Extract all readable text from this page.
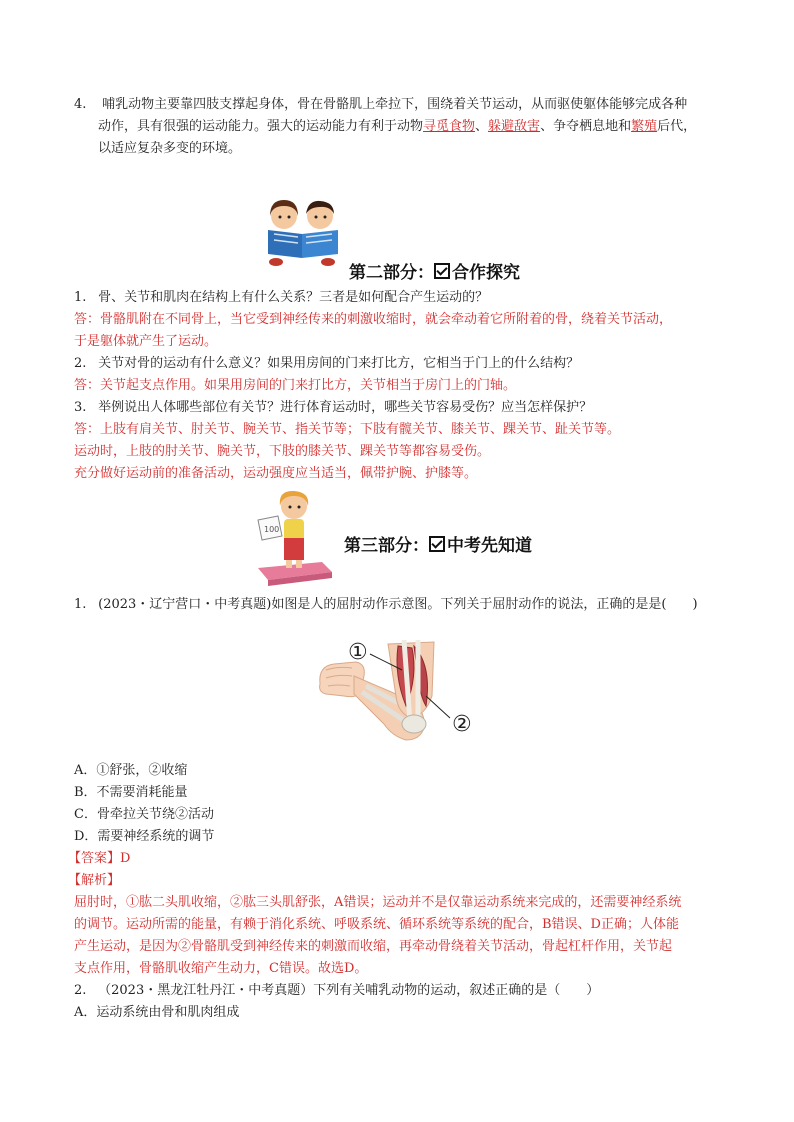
4. 哺乳动物主要靠四肢支撑起身体，骨在骨骼肌上牵拉下，围绕着关节运动，从而驱使躯体能够完成各种
动作，具有很强的运动能力。强大的运动能力有利于动物寻觅食物、躲避敌害、争夺栖息地和繁殖后代，
以适应复杂多变的环境。
第二部分： 合作探究
1. 骨、关节和肌肉在结构上有什么关系？三者是如何配合产生运动的？
答：骨骼肌附在不同骨上，当它受到神经传来的刺激收缩时，就会牵动着它所附着的骨，绕着关节活动，
于是躯体就产生了运动。
2. 关节对骨的运动有什么意义？如果用房间的门来打比方，它相当于门上的什么结构？
答：关节起支点作用。如果用房间的门来打比方，关节相当于房门上的门轴。
3. 举例说出人体哪些部位有关节？进行体育运动时，哪些关节容易受伤？应当怎样保护？
答：上肢有肩关节、肘关节、腕关节、指关节等；下肢有髋关节、膝关节、踝关节、趾关节等。
运动时，上肢的肘关节、腕关节，下肢的膝关节、踝关节等都容易受伤。
充分做好运动前的准备活动，运动强度应当适当，佩带护腕、护膝等。
100
第三部分： 中考先知道
1. (2023・辽宁营口・中考真题)如图是人的屈肘动作示意图。下列关于屈肘动作的说法，正确的是是(　　)
①
②
A．①舒张，②收缩
B．不需要消耗能量
C．骨牵拉关节绕②活动
D．需要神经系统的调节
【答案】D
【解析】
屈肘时，①肱二头肌收缩，②肱三头肌舒张，A错误；运动并不是仅靠运动系统来完成的，还需要神经系统
的调节。运动所需的能量，有赖于消化系统、呼吸系统、循环系统等系统的配合，B错误、D正确；人体能
产生运动，是因为②骨骼肌受到神经传来的刺激而收缩，再牵动骨绕着关节活动，骨起杠杆作用，关节起
支点作用，骨骼肌收缩产生动力，C错误。故选D。
2. （2023・黑龙江牡丹江・中考真题）下列有关哺乳动物的运动，叙述正确的是（　　）
A．运动系统由骨和肌肉组成
